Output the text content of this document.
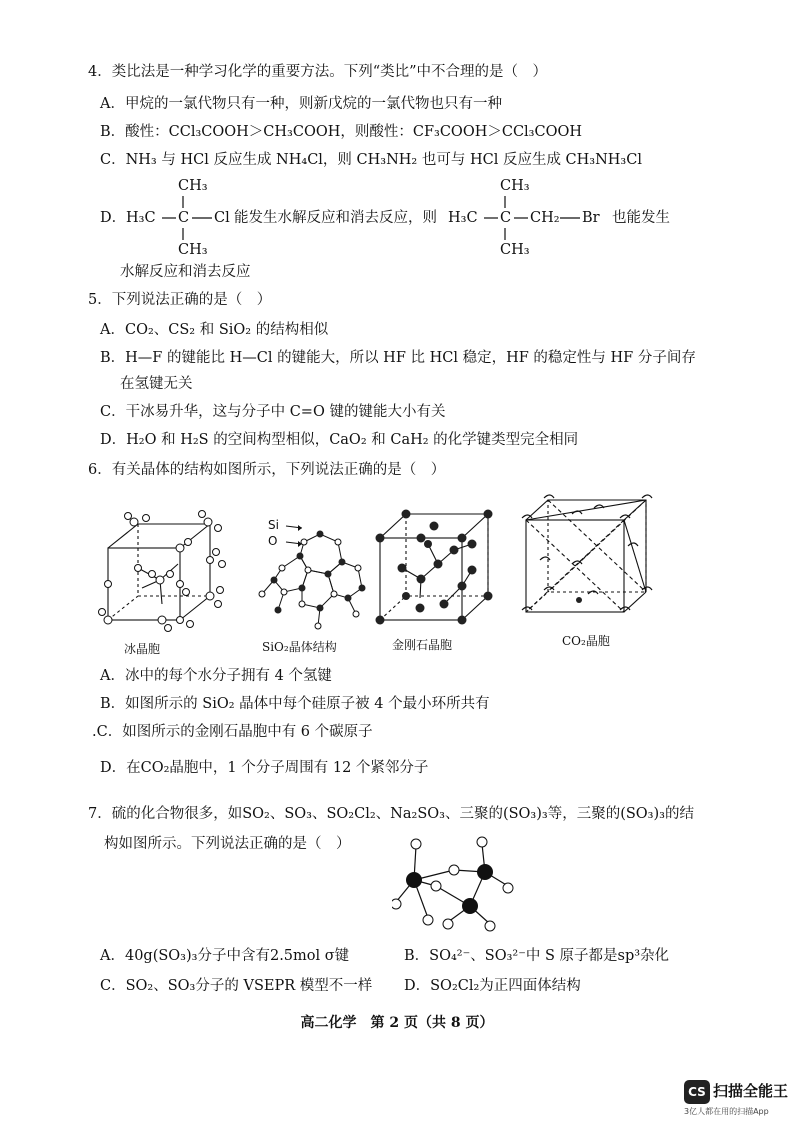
4．类比法是一种学习化学的重要方法。下列“类比”中不合理的是（　）
A．甲烷的一氯代物只有一种，则新戊烷的一氯代物也只有一种
B．酸性：CCl₃COOH＞CH₃COOH，则酸性：CF₃COOH＞CCl₃COOH
C．NH₃ 与 HCl 反应生成 NH₄Cl，则 CH₃NH₂ 也可与 HCl 反应生成 CH₃NH₃Cl
D．
CH₃
H₃C C Cl
CH₃
能发生水解反应和消去反应，则
CH₃
H₃C C CH₂ Br
CH₃
也能发生
水解反应和消去反应
5．下列说法正确的是（　）
A．CO₂、CS₂ 和 SiO₂ 的结构相似
B．H—F 的键能比 H—Cl 的键能大，所以 HF 比 HCl 稳定，HF 的稳定性与 HF 分子间存
在氢键无关
C．干冰易升华，这与分子中 C=O 键的键能大小有关
D．H₂O 和 H₂S 的空间构型相似，CaO₂ 和 CaH₂ 的化学键类型完全相同
6．有关晶体的结构如图所示，下列说法正确的是（　）
冰晶胞
Si
O
SiO₂晶体结构	金刚石晶胞	CO₂晶胞
A．冰中的每个水分子拥有 4 个氢键
B．如图所示的 SiO₂ 晶体中每个硅原子被 4 个最小环所共有
.C．如图所示的金刚石晶胞中有 6 个碳原子
D．在CO₂晶胞中，1 个分子周围有 12 个紧邻分子
7．硫的化合物很多，如SO₂、SO₃、SO₂Cl₂、Na₂SO₃、三聚的(SO₃)₃等，三聚的(SO₃)₃的结
构如图所示。下列说法正确的是（　）
A．40g(SO₃)₃分子中含有2.5mol σ键	B．SO₄²⁻、SO₃²⁻中 S 原子都是sp³杂化
C．SO₂、SO₃分子的 VSEPR 模型不一样 D．SO₂Cl₂为正四面体结构
高二化学　第 2 页（共 8 页）
CS 扫描全能王
3亿人都在用的扫描App
